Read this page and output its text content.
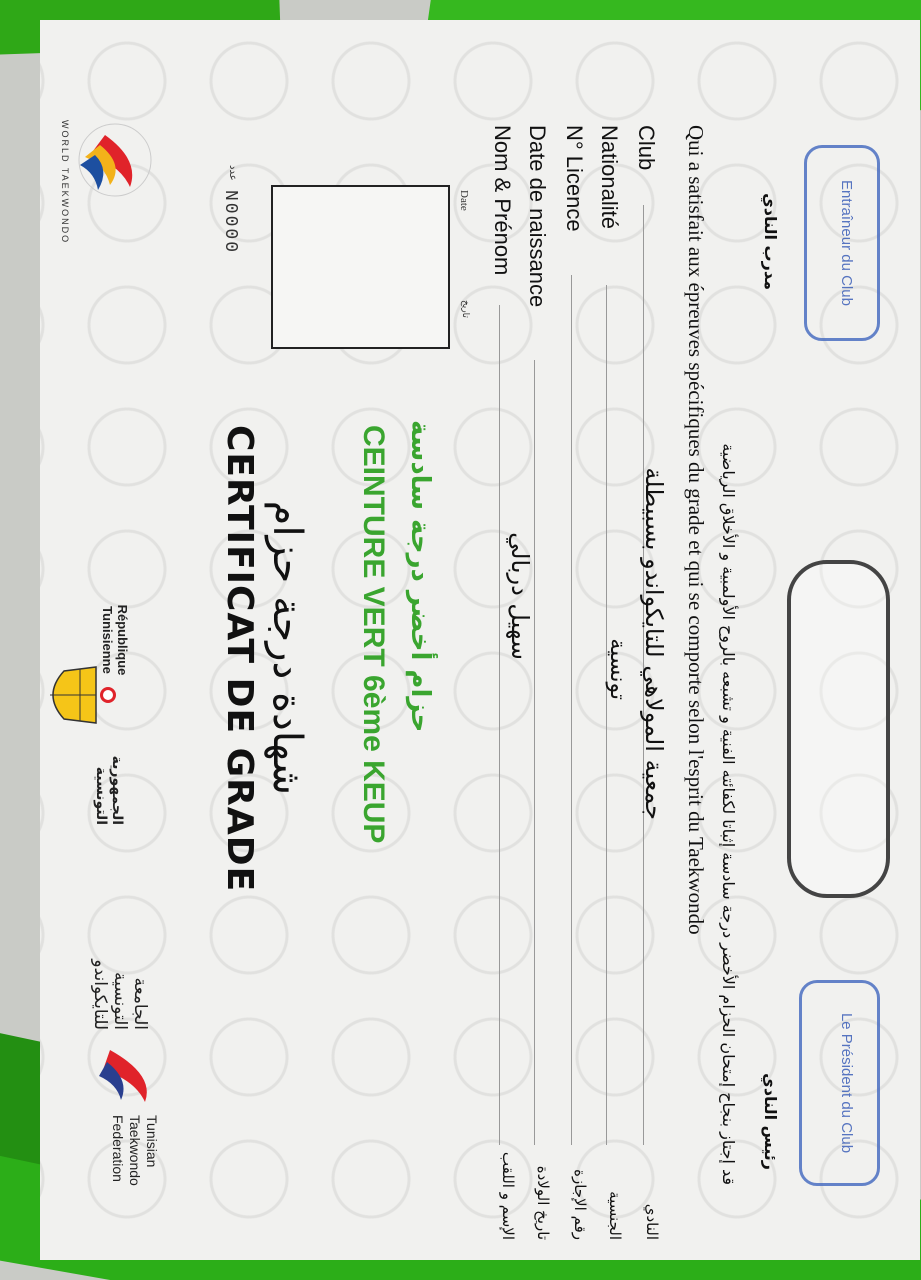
WORLD TAEKWONDO
République Tunisienne
الجمهورية التونسية
الجامعة التونسية للتايكواندو
Tunisian Taekwondo Federation
N0000
عدد
Date
تاريخ
CERTIFICAT DE GRADE شهادة درجة حزام CEINTURE VERT 6ème KEUP حزام أخضر درجة سادسة
Nom & Prénom
سهيل دربالي
الإسم و اللقب
Date de naissance
تاريخ الولادة
N° Licence
رقم الإجازة
Nationalité
تونسية
الجنسية
Club
جمعية المولاهي للتايكواندو بسبيطلة
النادي
Qui a satisfait aux épreuves spécifiques du grade et qui se comporte selon l'esprit du Taekwondo قد إجتاز بنجاح إمتحان الحزام الأخضر درجة سادسة إثباتا لكفائته الفنية و تشبعه بالروح الأولمبية و الأخلاق الرياضية
مدرب النادي	Entraîneur du Club
رئيس النادي	Le Président du Club
